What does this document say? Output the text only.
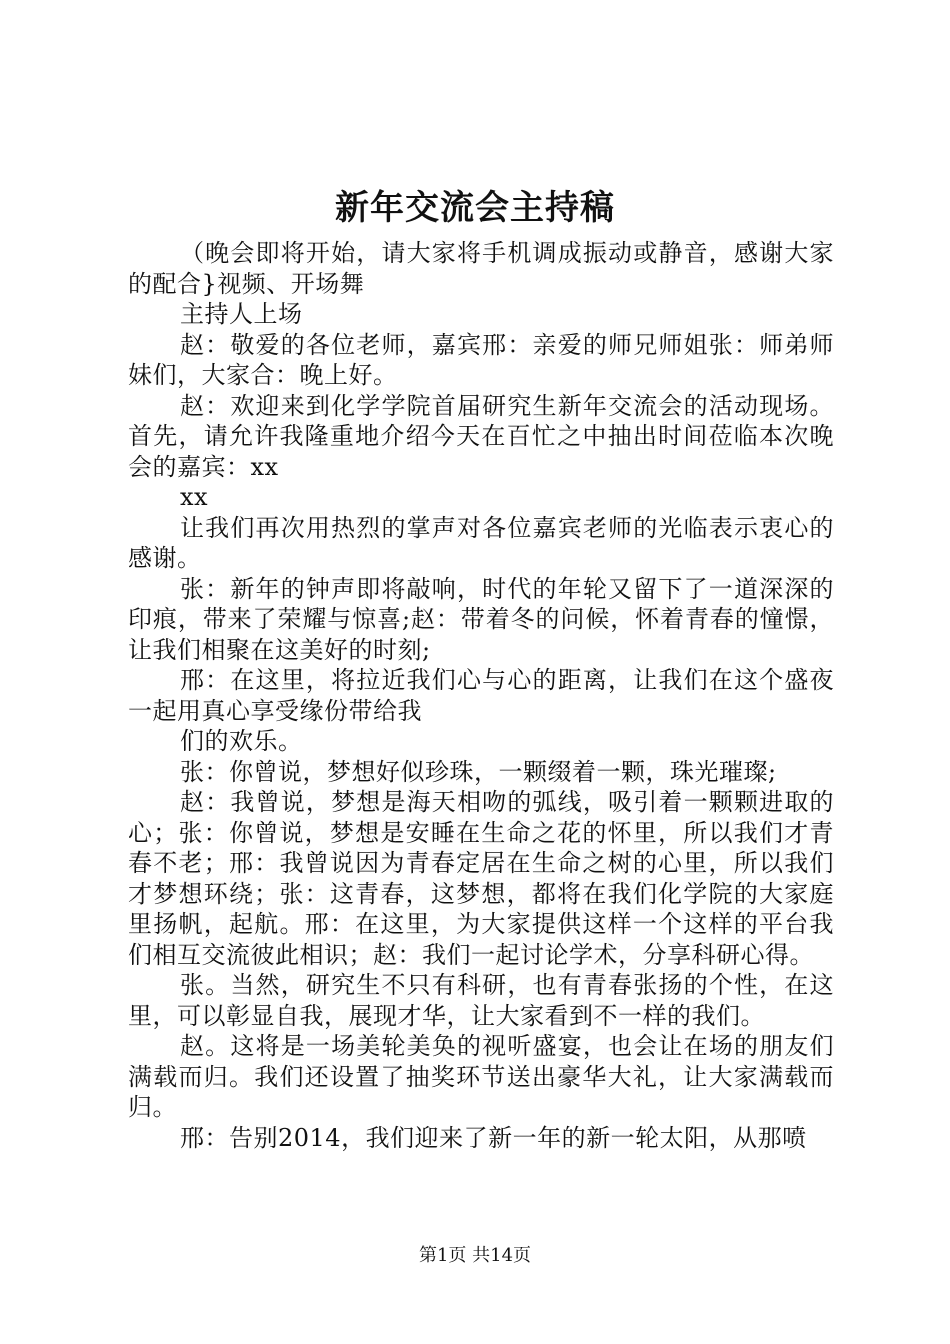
新年交流会主持稿

（晚会即将开始，请大家将手机调成振动或静音，感谢大家的配合}视频、开场舞

主持人上场

赵：敬爱的各位老师，嘉宾邢：亲爱的师兄师姐张：师弟师妹们，大家合：晚上好。

赵：欢迎来到化学学院首届研究生新年交流会的活动现场。首先，请允许我隆重地介绍今天在百忙之中抽出时间莅临本次晚会的嘉宾：xx

xx

让我们再次用热烈的掌声对各位嘉宾老师的光临表示衷心的感谢。

张：新年的钟声即将敲响，时代的年轮又留下了一道深深的印痕，带来了荣耀与惊喜;赵：带着冬的问候，怀着青春的憧憬，让我们相聚在这美好的时刻;

邢：在这里，将拉近我们心与心的距离，让我们在这个盛夜一起用真心享受缘份带给我

们的欢乐。

张：你曾说，梦想好似珍珠，一颗缀着一颗，珠光璀璨;

赵：我曾说，梦想是海天相吻的弧线，吸引着一颗颗进取的心；张：你曾说，梦想是安睡在生命之花的怀里，所以我们才青春不老；邢：我曾说因为青春定居在生命之树的心里，所以我们才梦想环绕；张：这青春，这梦想，都将在我们化学院的大家庭里扬帆，起航。邢：在这里，为大家提供这样一个这样的平台我们相互交流彼此相识；赵：我们一起讨论学术，分享科研心得。

张。当然，研究生不只有科研，也有青春张扬的个性，在这里，可以彰显自我，展现才华，让大家看到不一样的我们。

赵。这将是一场美轮美奂的视听盛宴，也会让在场的朋友们满载而归。我们还设置了抽奖环节送出豪华大礼，让大家满载而归。

邢：告别2014，我们迎来了新一年的新一轮太阳，从那喷

第1页 共14页
